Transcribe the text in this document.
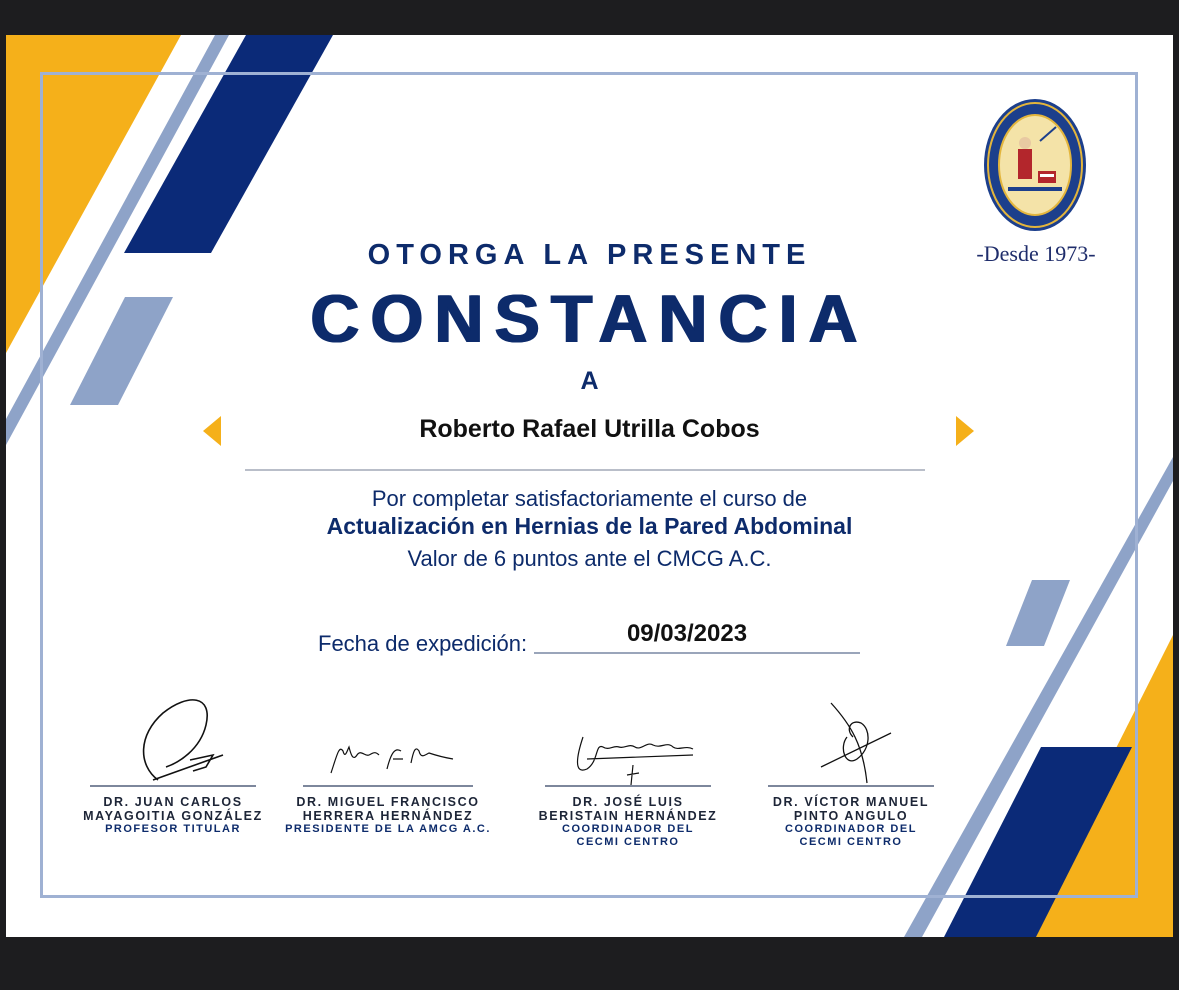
-Desde 1973-
OTORGA LA PRESENTE
CONSTANCIA
A
Roberto Rafael Utrilla Cobos
Por completar satisfactoriamente el curso de
Actualización en Hernias de la Pared Abdominal
Valor de 6 puntos ante el CMCG A.C.
Fecha de expedición:	09/03/2023
DR. JUAN CARLOS
MAYAGOITIA GONZÁLEZ
PROFESOR TITULAR
DR. MIGUEL FRANCISCO
HERRERA HERNÁNDEZ
PRESIDENTE DE LA AMCG A.C.
DR. JOSÉ LUIS
BERISTAIN HERNÁNDEZ
COORDINADOR DEL
CECMI CENTRO
DR. VÍCTOR MANUEL
PINTO ANGULO
COORDINADOR DEL
CECMI CENTRO
